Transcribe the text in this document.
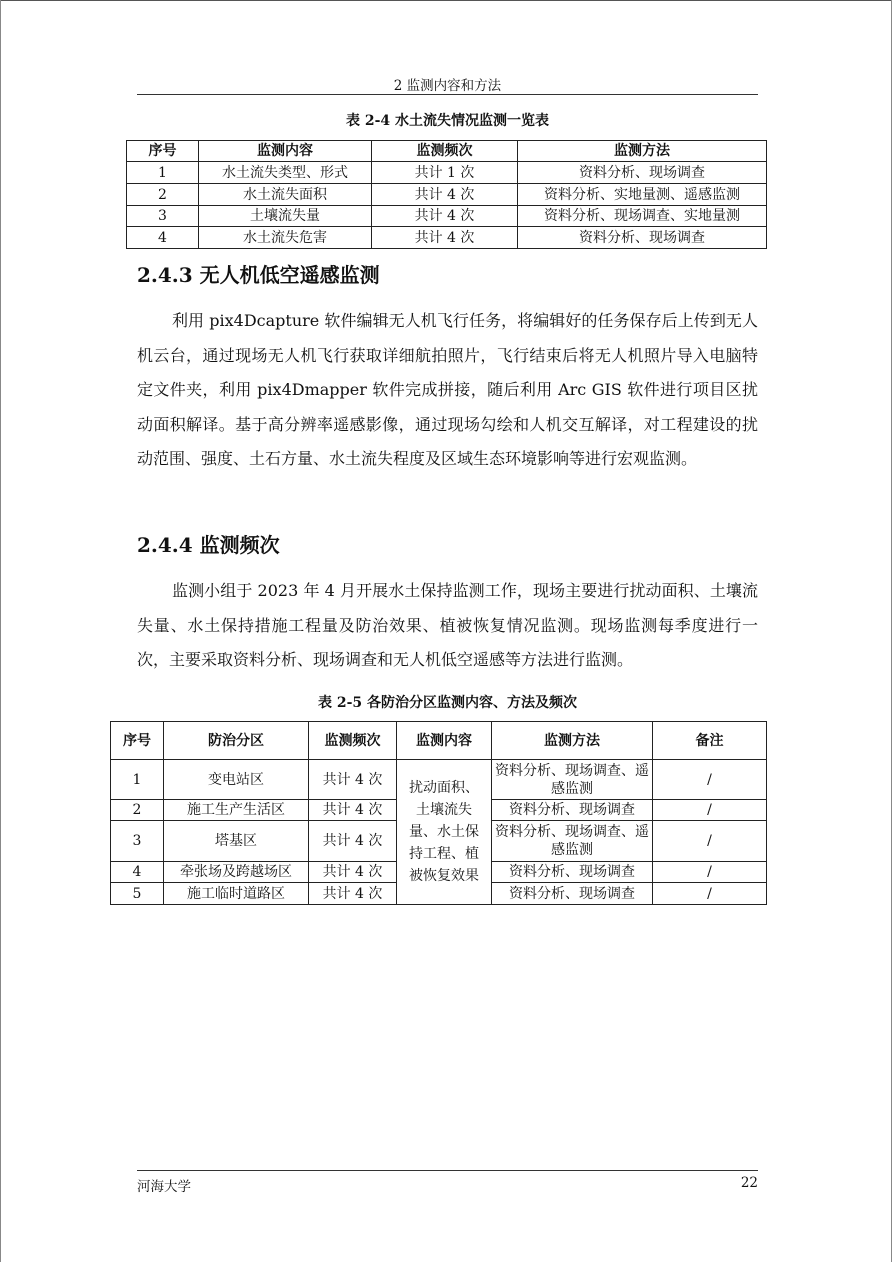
2 监测内容和方法
表 2-4 水土流失情况监测一览表
序号	监测内容	监测频次	监测方法
1	水土流失类型、形式	共计 1 次	资料分析、现场调查
2	水土流失面积	共计 4 次	资料分析、实地量测、遥感监测
3	土壤流失量	共计 4 次	资料分析、现场调查、实地量测
4	水土流失危害	共计 4 次	资料分析、现场调查
2.4.3 无人机低空遥感监测
利用 pix4Dcapture 软件编辑无人机飞行任务，将编辑好的任务保存后上传到无人机云台，通过现场无人机飞行获取详细航拍照片，飞行结束后将无人机照片导入电脑特定文件夹，利用 pix4Dmapper 软件完成拼接，随后利用 Arc GIS 软件进行项目区扰动面积解译。基于高分辨率遥感影像，通过现场勾绘和人机交互解译，对工程建设的扰动范围、强度、土石方量、水土流失程度及区域生态环境影响等进行宏观监测。
2.4.4 监测频次
监测小组于 2023 年 4 月开展水土保持监测工作，现场主要进行扰动面积、土壤流失量、水土保持措施工程量及防治效果、植被恢复情况监测。现场监测每季度进行一次，主要采取资料分析、现场调查和无人机低空遥感等方法进行监测。
表 2-5 各防治分区监测内容、方法及频次
序号	防治分区	监测频次	监测内容	监测方法	备注
1	变电站区	共计 4 次	扰动面积、土壤流失量、水土保持工程、植被恢复效果	资料分析、现场调查、遥感监测	/
2	施工生产生活区	共计 4 次		资料分析、现场调查	/
3	塔基区	共计 4 次		资料分析、现场调查、遥感监测	/
4	牵张场及跨越场区	共计 4 次		资料分析、现场调查	/
5	施工临时道路区	共计 4 次		资料分析、现场调查	/
河海大学	22
